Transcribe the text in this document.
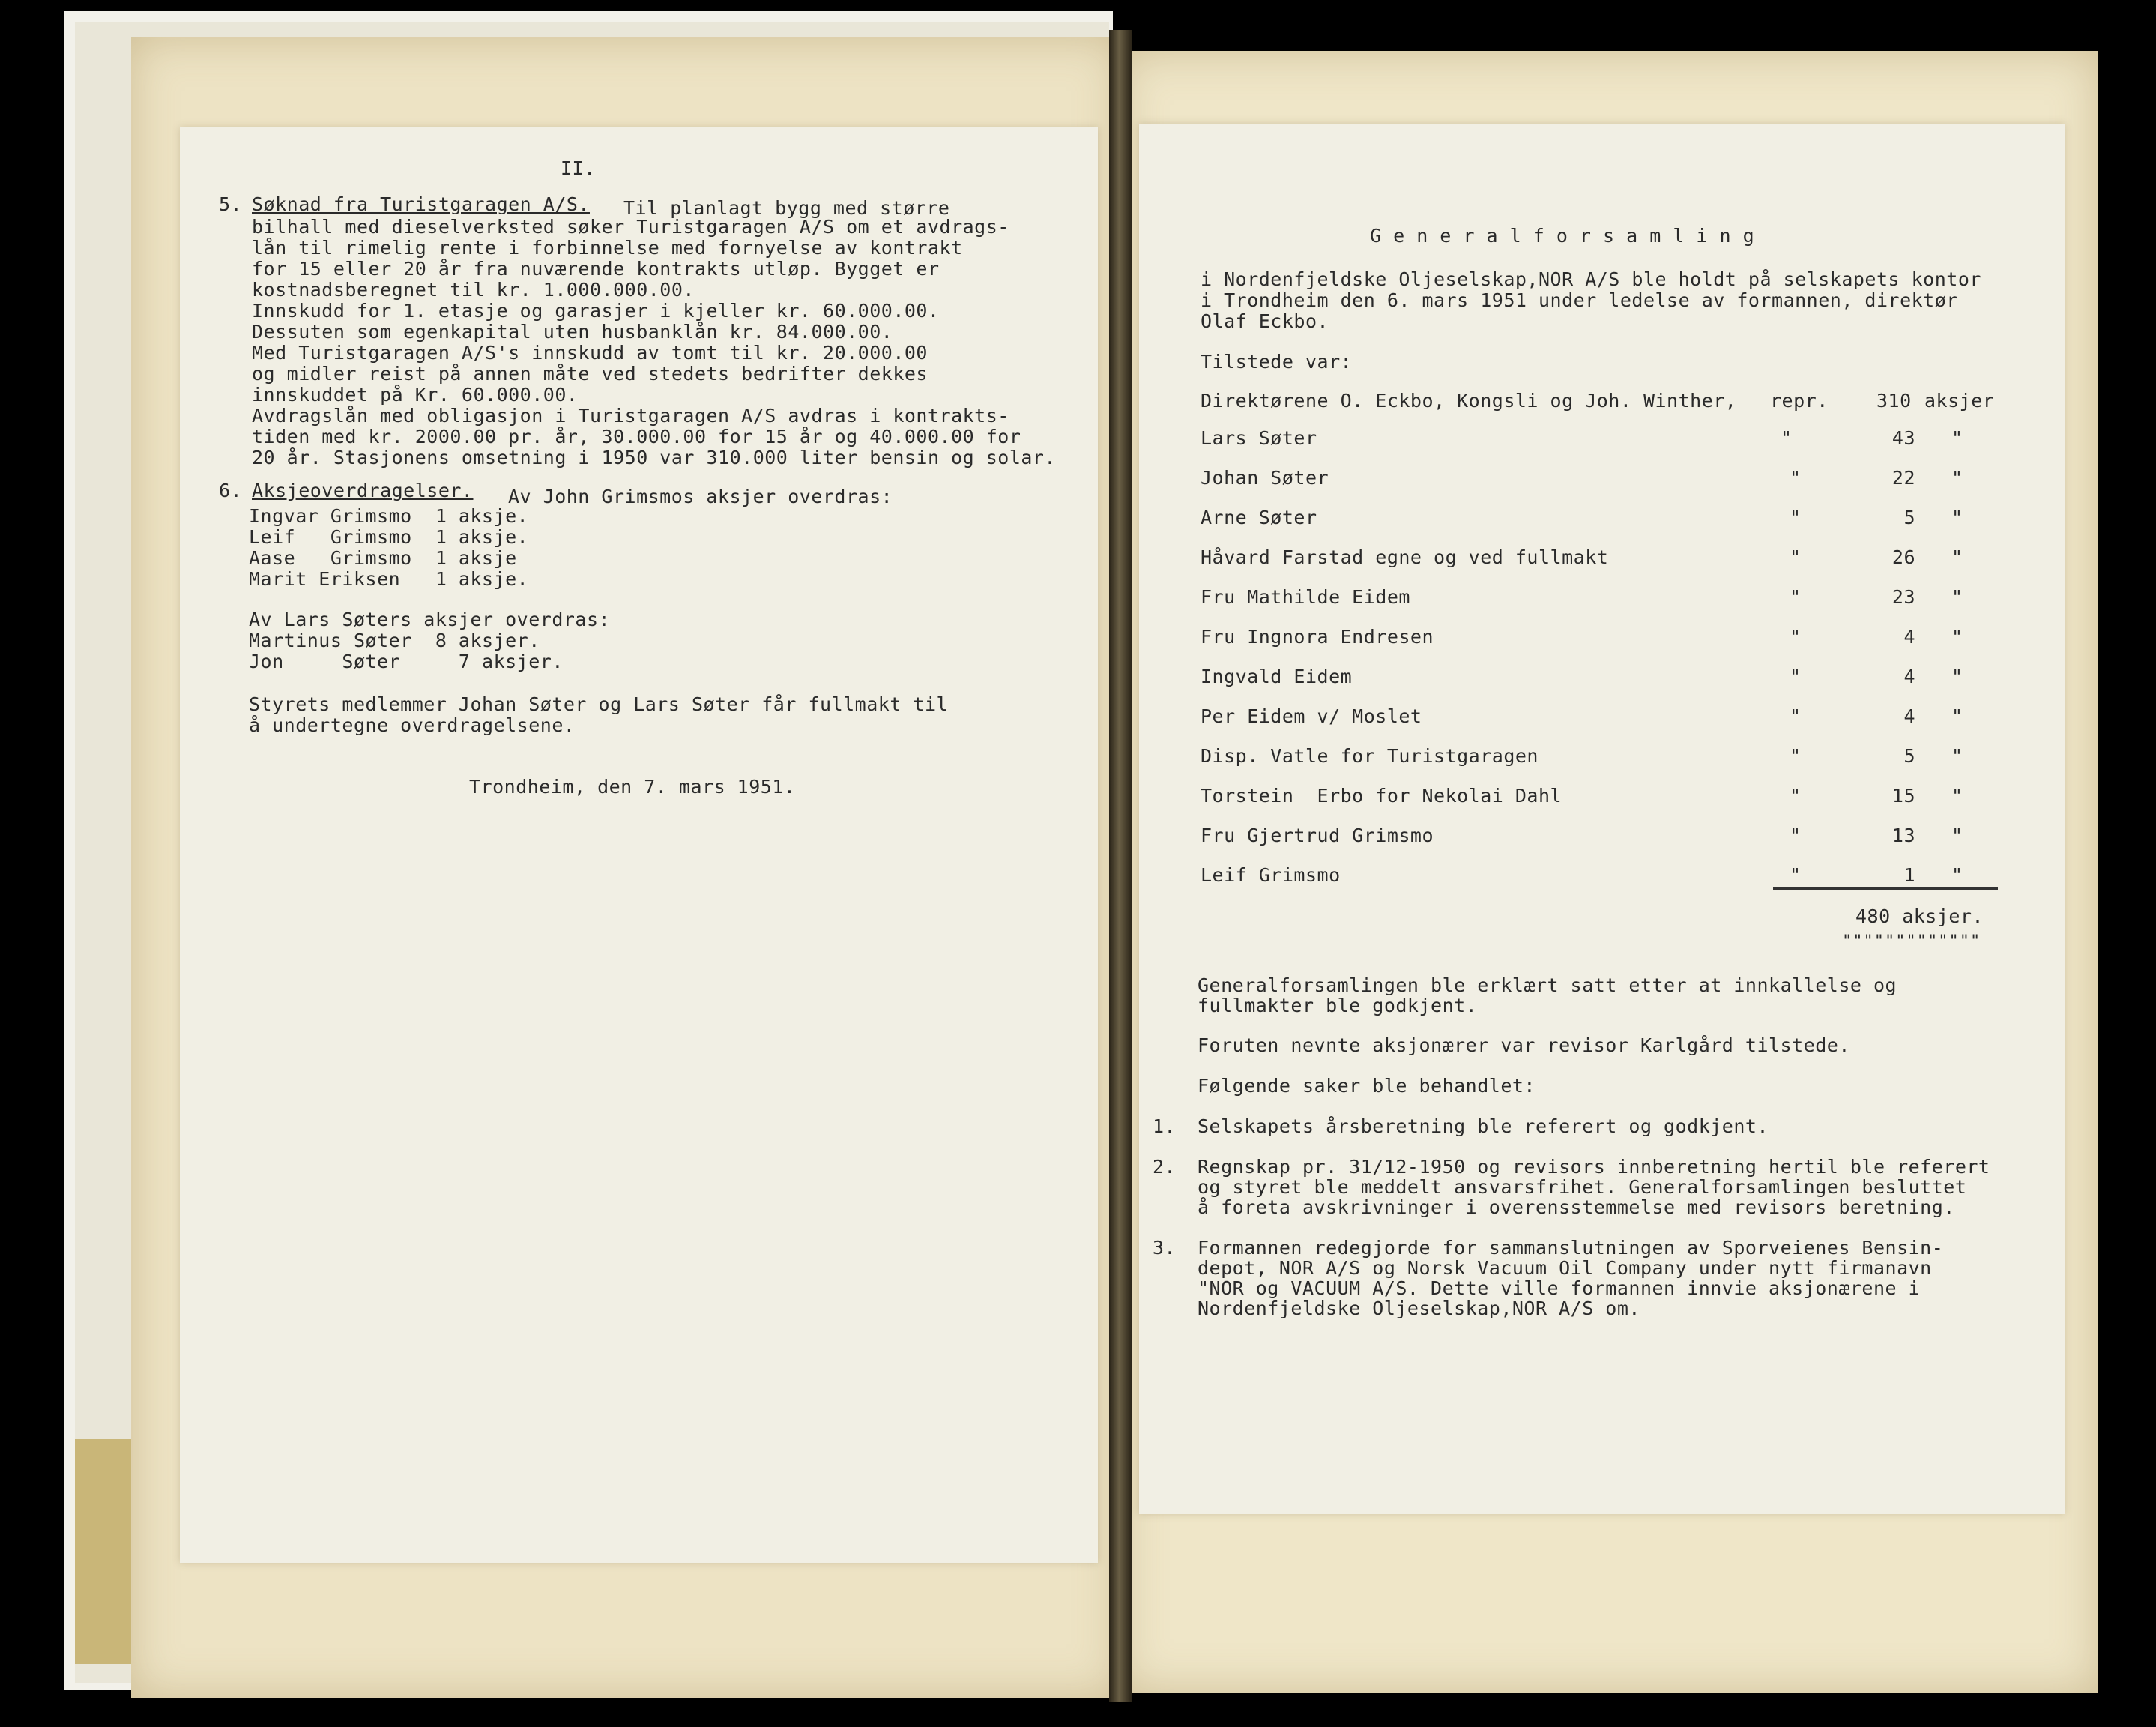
II.
5. Søknad fra Turistgaragen A/S. Til planlagt bygg med større
bilhall med dieselverksted søker Turistgaragen A/S om et avdrags-
lån til rimelig rente i forbinnelse med fornyelse av kontrakt
for 15 eller 20 år fra nuværende kontrakts utløp. Bygget er
kostnadsberegnet til kr. 1.000.000.00.
Innskudd for 1. etasje og garasjer i kjeller kr. 60.000.00.
Dessuten som egenkapital uten husbanklån kr. 84.000.00.
Med Turistgaragen A/S's innskudd av tomt til kr. 20.000.00
og midler reist på annen måte ved stedets bedrifter dekkes
innskuddet på Kr. 60.000.00.
Avdragslån med obligasjon i Turistgaragen A/S avdras i kontrakts-
tiden med kr. 2000.00 pr. år, 30.000.00 for 15 år og 40.000.00 for
20 år. Stasjonens omsetning i 1950 var 310.000 liter bensin og solar.
6. Aksjeoverdragelser. Av John Grimsmos aksjer overdras:
Ingvar Grimsmo  1 aksje.
Leif   Grimsmo  1 aksje.
Aase   Grimsmo  1 aksje
Marit Eriksen   1 aksje.
Av Lars Søters aksjer overdras:
Martinus Søter  8 aksjer.
Jon     Søter     7 aksjer.
Styrets medlemmer Johan Søter og Lars Søter får fullmakt til
å undertegne overdragelsene.
Trondheim, den 7. mars 1951.
G e n e r a l f o r s a m l i n g
i Nordenfjeldske Oljeselskap,NOR A/S ble holdt på selskapets kontor
i Trondheim den 6. mars 1951 under ledelse av formannen, direktør
Olaf Eckbo.
Tilstede var:
Direktørene O. Eckbo, Kongsli og Joh. Winther, repr.	310 aksjer
Lars Søter	"	43 "
Johan Søter	"	22 "
Arne Søter	"	5 "
Håvard Farstad egne og ved fullmakt	"	26 "
Fru Mathilde Eidem	"	23 "
Fru Ingnora Endresen	"	4 "
Ingvald Eidem	"	4 "
Per Eidem v/ Moslet	"	4 "
Disp. Vatle for Turistgaragen	"	5 "
Torstein  Erbo for Nekolai Dahl	"	15 "
Fru Gjertrud Grimsmo	"	13 "
Leif Grimsmo	"	1 "
480 aksjer.
"""""""""""""
Generalforsamlingen ble erklært satt etter at innkallelse og
fullmakter ble godkjent.
Foruten nevnte aksjonærer var revisor Karlgård tilstede.
Følgende saker ble behandlet:
1. Selskapets årsberetning ble referert og godkjent.
2. Regnskap pr. 31/12-1950 og revisors innberetning hertil ble referert
og styret ble meddelt ansvarsfrihet. Generalforsamlingen besluttet
å foreta avskrivninger i overensstemmelse med revisors beretning.
3. Formannen redegjorde for sammanslutningen av Sporveienes Bensin-
depot, NOR A/S og Norsk Vacuum Oil Company under nytt firmanavn
"NOR og VACUUM A/S. Dette ville formannen innvie aksjonærene i
Nordenfjeldske Oljeselskap,NOR A/S om.
